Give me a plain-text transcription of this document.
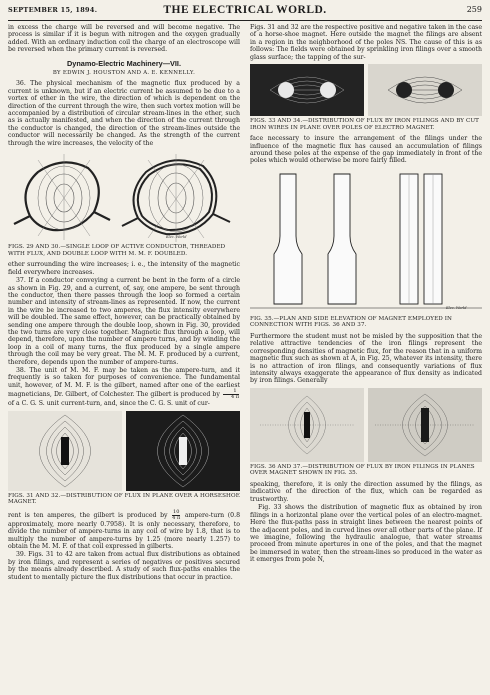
SEPTEMBER 15, 1894.	THE ELECTRICAL WORLD.	259

in excess the charge will be reversed and will become negative. The process is similar if it is begun with nitrogen and the oxygen gradually added. With an ordinary induction coil the charge of an electroscope will be reversed when the primary current is reversed.

Dynamo-Electric Machinery—VII.
BY EDWIN J. HOUSTON AND A. E. KENNELLY.

36. The physical mechanism of the magnetic flux produced by a current is unknown, but if an electric current be assumed to be due to a vortex of ether in the wire, the direction of which is dependent on the direction of the current through the wire, then such vortex motion will be accompanied by a distribution of circular stream-lines in the ether, such as is actually manifested, and when the direction of the current through the conductor is changed, the direction of the stream-lines outside the conductor will necessarily be changed. As the strength of the current through the wire increases, the velocity of the

Elec. World
FIGS. 29 AND 30.—SINGLE LOOP OF ACTIVE CONDUCTOR, THREADED WITH FLUX, AND DOUBLE LOOP WITH M. M. F. DOUBLED.

ether surrounding the wire increases; i. e., the intensity of the magnetic field everywhere increases.

37. If a conductor conveying a current be bent in the form of a circle as shown in Fig. 29, and a current, of, say, one ampere, be sent through the conductor, then there passes through the loop so formed a certain number and intensity of stream-lines as represented. If now, the current in the wire be increased to two amperes, the flux intensity everywhere will be doubled. The same effect, however, can be practically obtained by sending one ampere through the double loop, shown in Fig. 30, provided the two turns are very close together. Magnetic flux through a loop, will depend, therefore, upon the number of ampere turns, and by winding the loop in a coil of many turns, the flux produced by a single ampere through the coil may be very great. The M. M. F. produced by a current, therefore, depends upon the number of ampere-turns.

38. The unit of M. M. F. may be taken as the ampere-turn, and it frequently is so taken for purposes of convenience. The fundamental unit, however, of M. M. F. is the gilbert, named after one of the earliest magneticians, Dr. Gilbert, of Colchester. The gilbert is produced by $\frac{1}{4 \pi}$
of a C. G. S. unit current-turn, and, since the C. G. S. unit of cur-

FIGS. 31 AND 32.—DISTRIBUTION OF FLUX IN PLANE OVER A HORSESHOE MAGNET.

rent is ten amperes, the gilbert is produced by $\frac{10}{4 \pi}$ ampere-turn (0.8 approximately, more nearly 0.7958). It is only necessary, therefore, to divide the number of ampere-turns in any coil of wire by 1.8, that is to multiply the number of ampere-turns by 1.25 (more nearly 1.257) to obtain the M. M. F. of that coil expressed in gilberts.

39. Figs. 31 to 42 are taken from actual flux distributions as obtained by iron filings, and represent a series of negatives or positives secured by the means already described. A study of such flux-paths enables the student to mentally picture the flux distributions that occur in practice.

Figs. 31 and 32 are the respective positive and negative taken in the case of a horse-shoe magnet. Here outside the magnet the filings are absent in a region in the neighborhood of the poles NS. The cause of this is as follows: The fields were obtained by sprinkling iron filings over a smooth glass surface; the tapping of the sur-

FIGS. 33 AND 34.—DISTRIBUTION OF FLUX BY IRON FILINGS AND BY CUT IRON WIRES IN PLANE OVER POLES OF ELECTRO MAGNET.

face necessary to insure the arrangement of the filings under the influence of the magnetic flux has caused an accumulation of filings around these poles at the expense of the gap immediately in front of the poles which would otherwise be more fairly filled.

Elec. World
FIG. 35.—PLAN AND SIDE ELEVATION OF MAGNET EMPLOYED IN CONNECTION WITH FIGS. 36 AND 37.

Furthermore the student must not be misled by the supposition that the relative attractive tendencies of the iron filings represent the corresponding densities of magnetic flux, for the reason that in a uniform magnetic flux such as shown at A, in Fig. 25, whatever its intensity, there is no attraction of iron filings, and consequently variations of flux intensity always exaggerate the appearance of flux density as indicated by iron filings. Generally

FIGS. 36 AND 37.—DISTRIBUTION OF FLUX BY IRON FILINGS IN PLANES OVER MAGNET SHOWN IN FIG. 35.

speaking, therefore, it is only the direction assumed by the filings, as indicative of the direction of the flux, which can be regarded as trustworthy.

Fig. 33 shows the distribution of magnetic flux as obtained by iron filings in a horizontal plane over the vertical poles of an electro-magnet. Here the flux-paths pass in straight lines between the nearest points of the adjacent poles, and in curved lines over all other parts of the plane. If we imagine, following the hydraulic analogue, that water streams proceed from minute apertures in one of the poles, and that the magnet be immersed in water, then the stream-lines so produced in the water as it emerges from pole N,
